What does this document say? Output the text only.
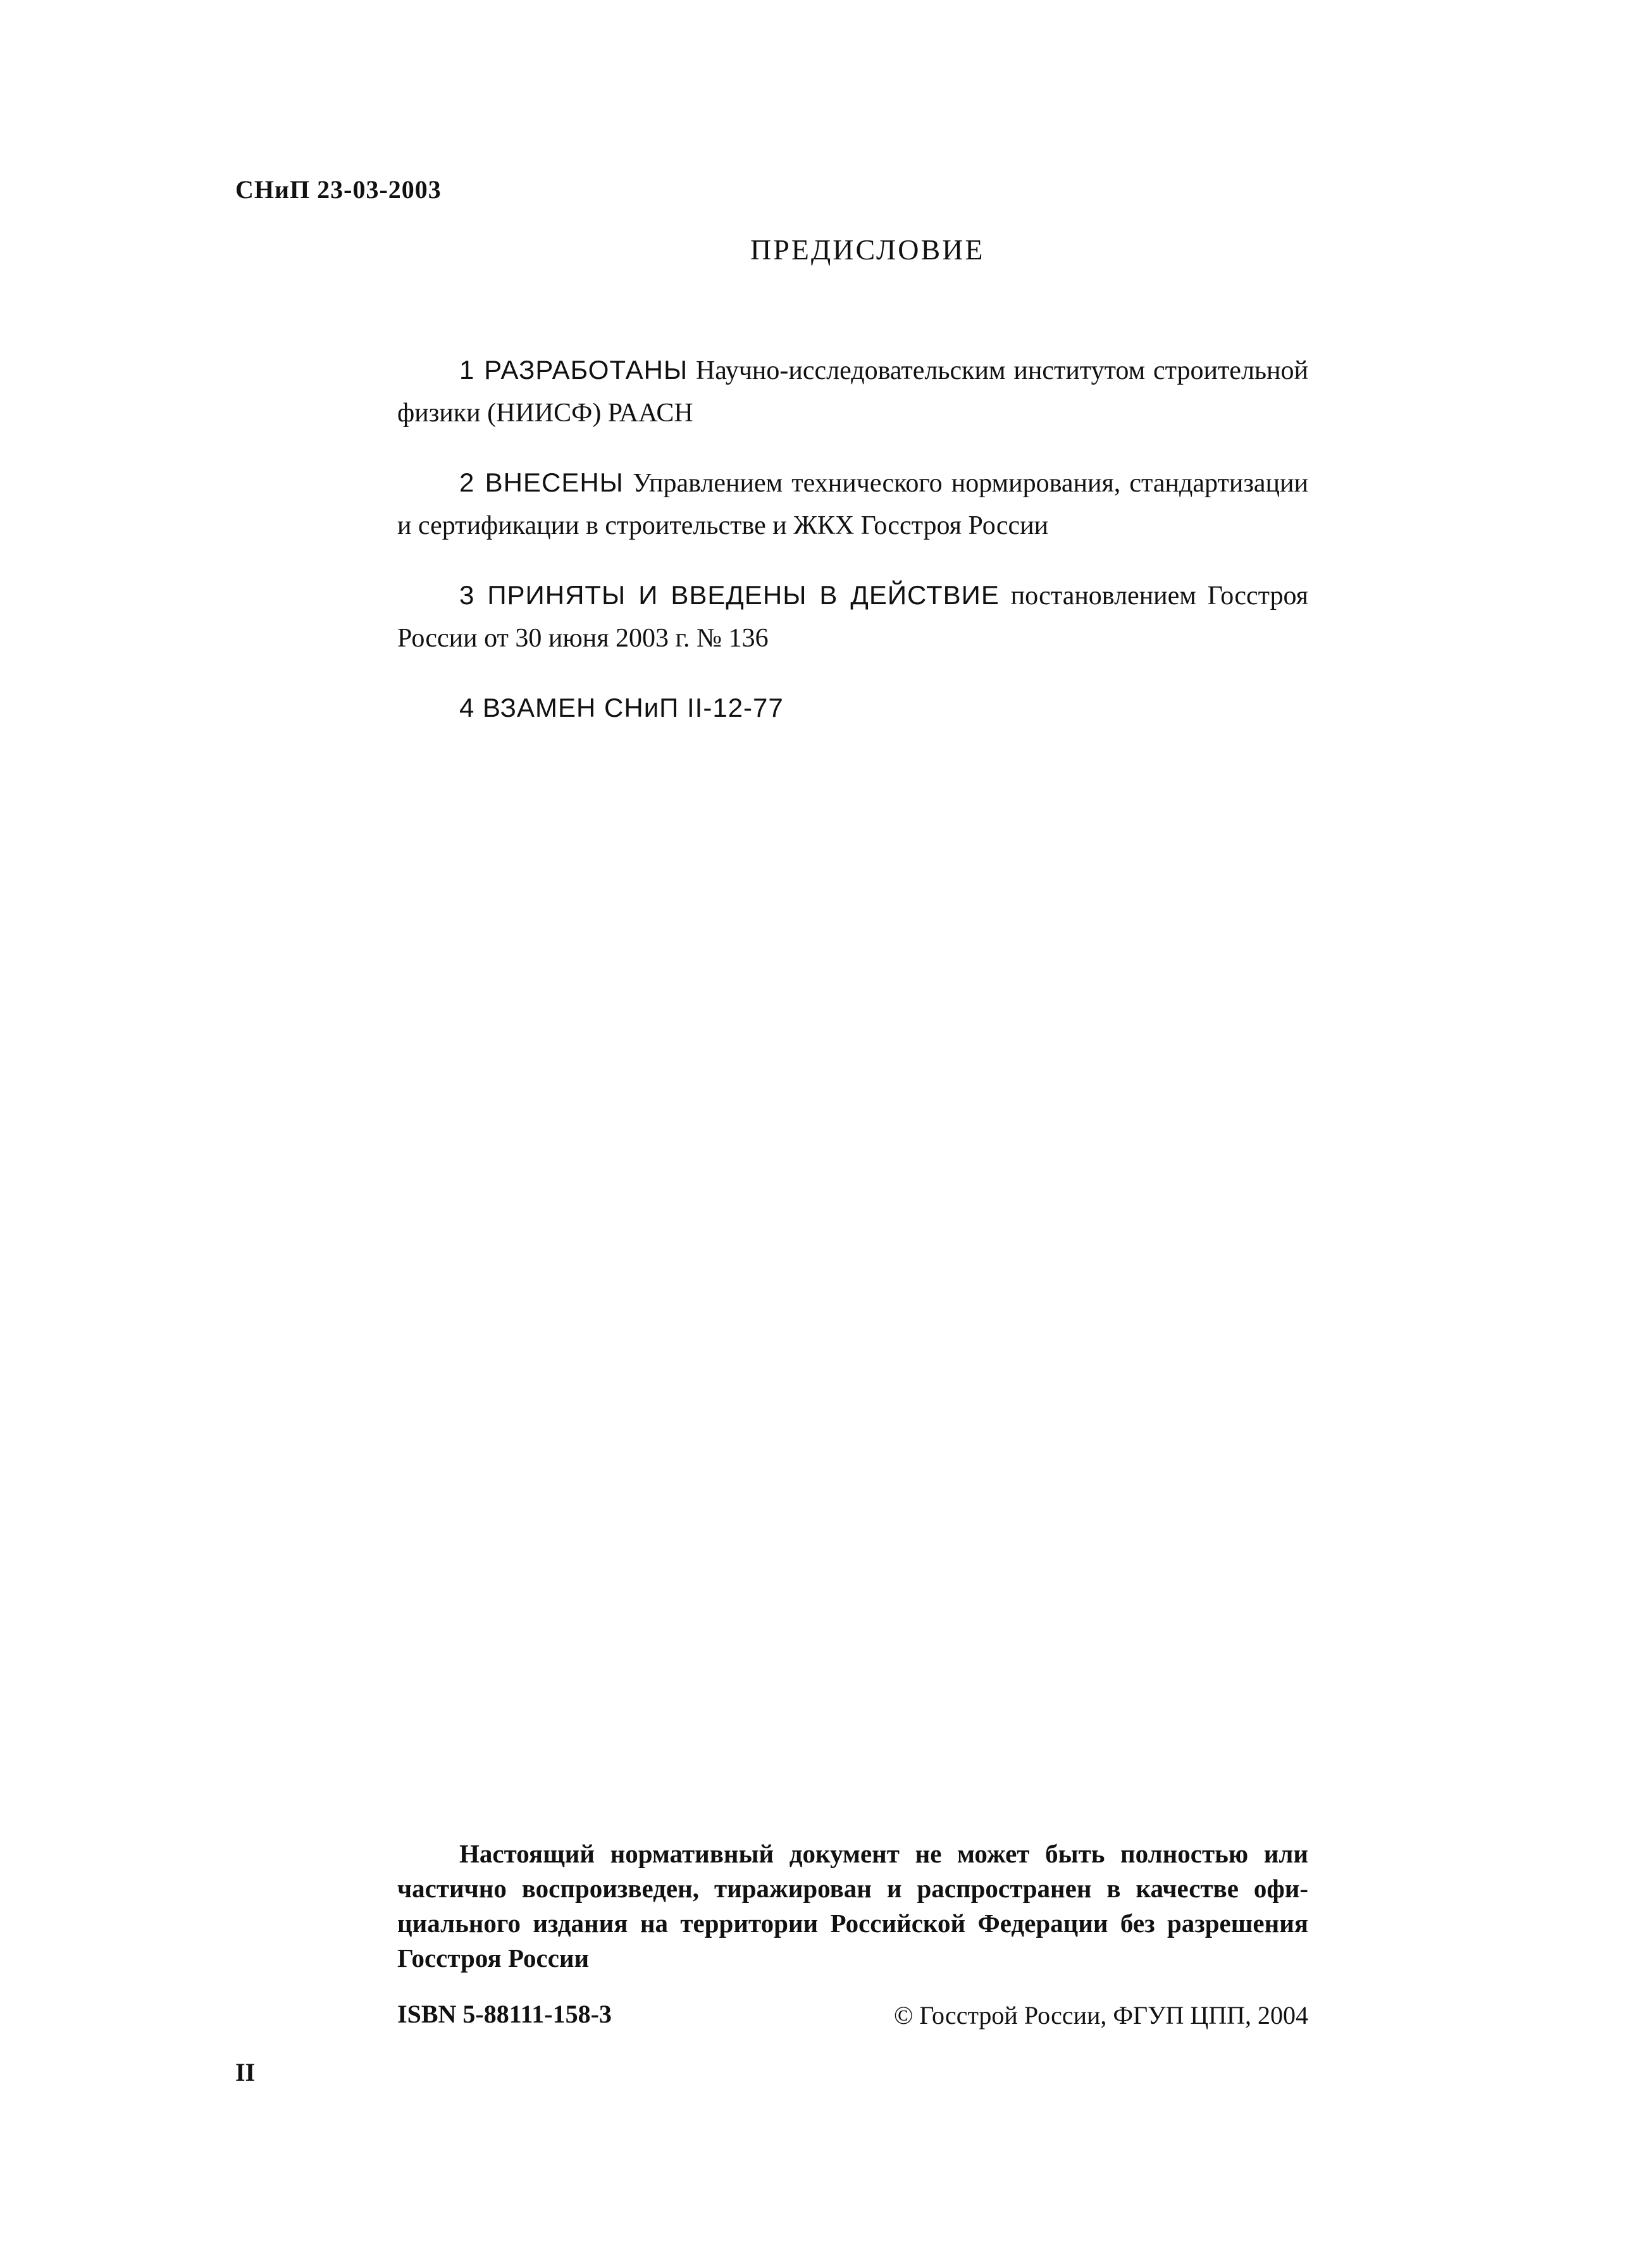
СНиП 23-03-2003
ПРЕДИСЛОВИЕ

1 РАЗРАБОТАНЫ Научно-исследовательским институтом строительной физики (НИИСФ) РААСН

2 ВНЕСЕНЫ Управлением технического нормирования, стандартизации и сертификации в строительстве и ЖКХ Госстроя России

3 ПРИНЯТЫ И ВВЕДЕНЫ В ДЕЙСТВИЕ постановлением Госстроя России от 30 июня 2003 г. № 136

4 ВЗАМЕН СНиП II-12-77

Настоящий нормативный документ не может быть полностью или частично воспроизведен, тиражирован и распространен в качестве официального издания на территории Российской Федерации без разрешения Госстроя России

ISBN 5-88111-158-3	© Госстрой России, ФГУП ЦПП, 2004
II
